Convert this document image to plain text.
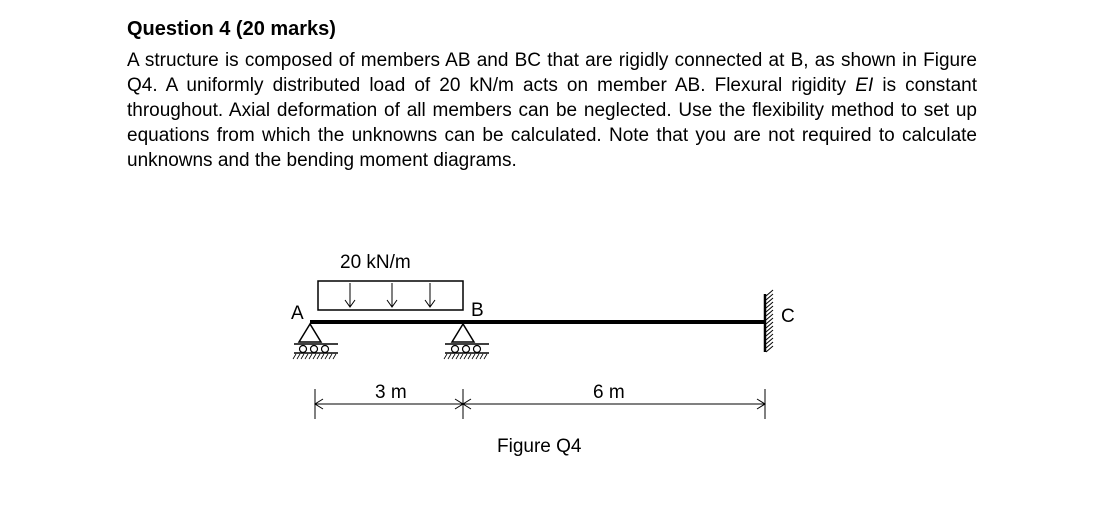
Question 4 (20 marks)

A structure is composed of members AB and BC that are rigidly connected at B, as shown in Figure Q4. A uniformly distributed load of 20 kN/m acts on member AB. Flexural rigidity EI is constant throughout. Axial deformation of all members can be neglected. Use the flexibility method to set up equations from which the unknowns can be calculated. Note that you are not required to calculate unknowns and the bending moment diagrams.

20 kN/m
A	B	C
3 m	6 m
Figure Q4
